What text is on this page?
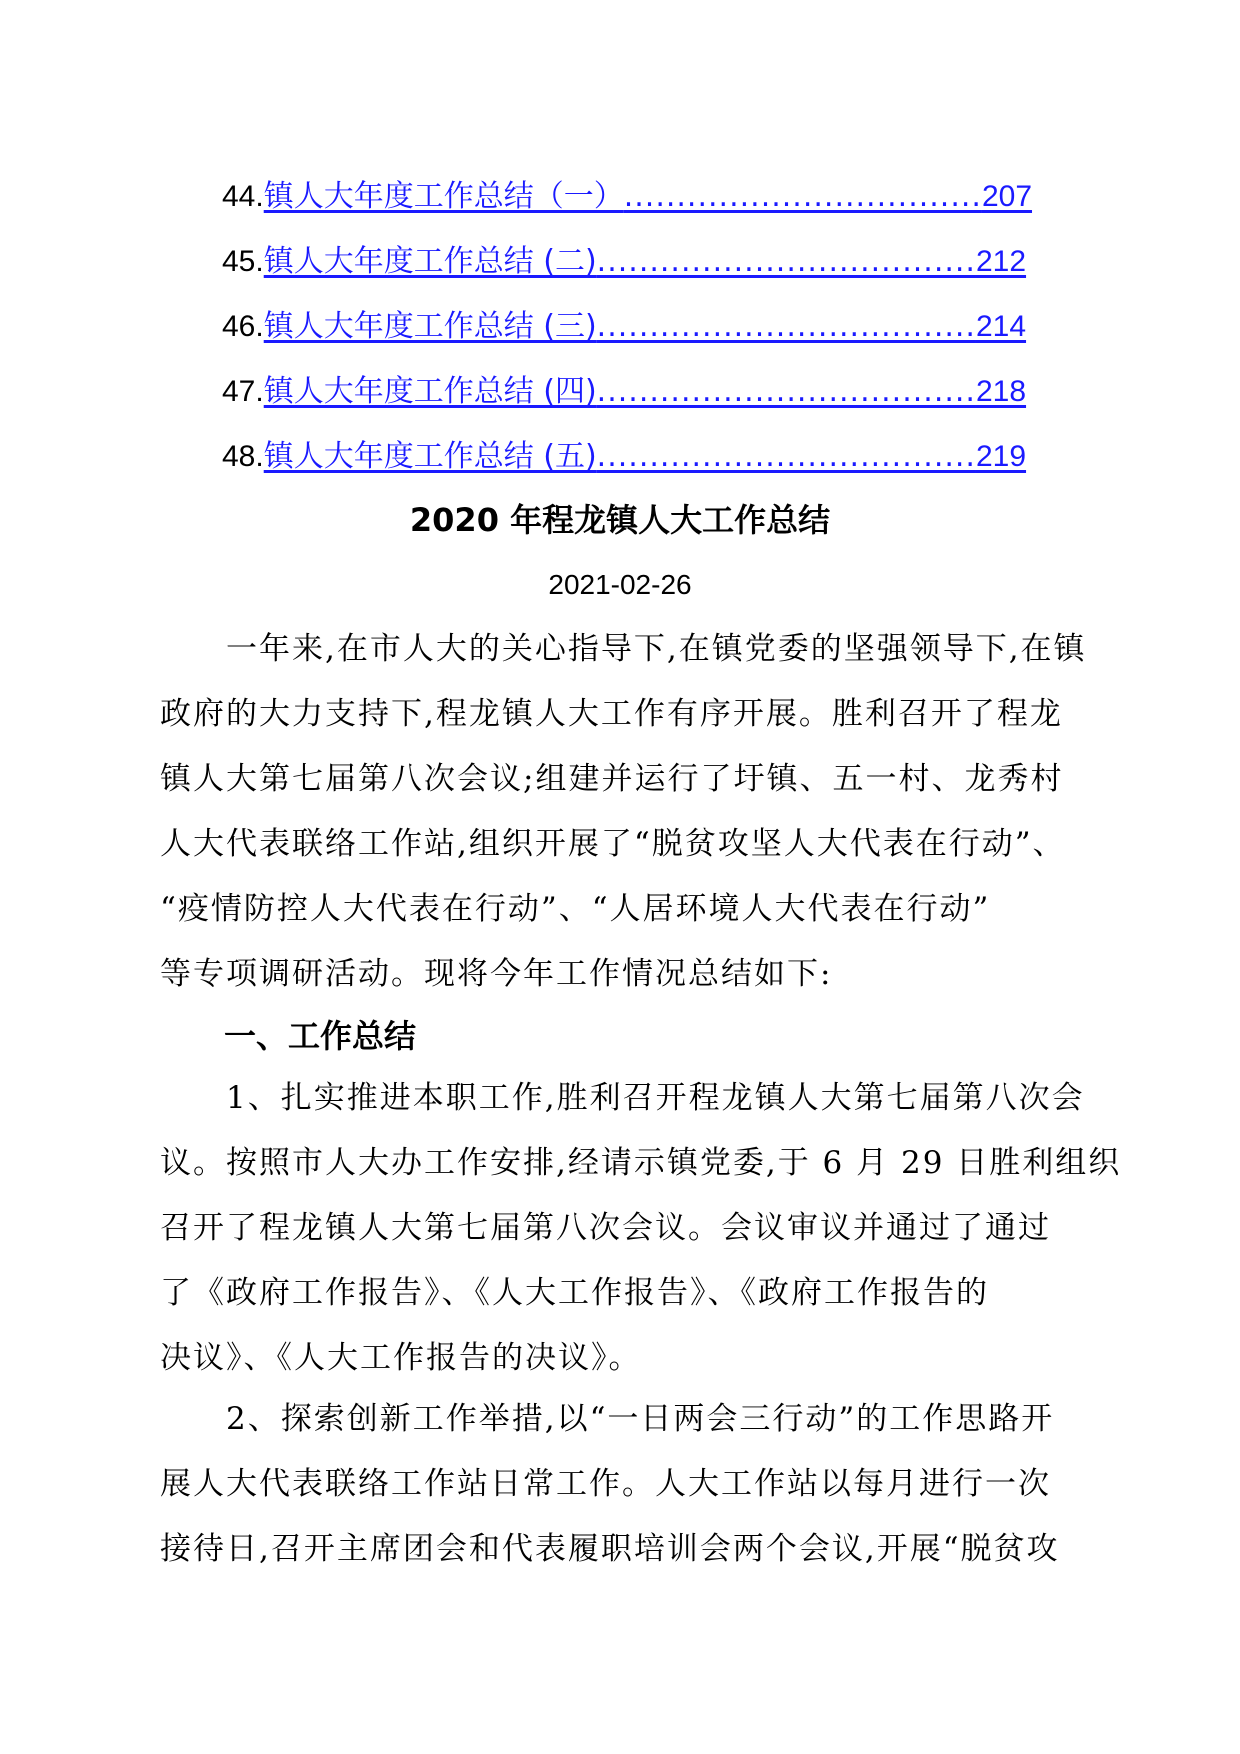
44.镇人大年度工作总结（一）..................................207
45.镇人大年度工作总结 (二)....................................212
46.镇人大年度工作总结 (三)....................................214
47.镇人大年度工作总结 (四)....................................218
48.镇人大年度工作总结 (五)....................................219
2020 年程龙镇人大工作总结
2021-02-26
　　一年来,在市人大的关心指导下,在镇党委的坚强领导下,在镇
政府的大力支持下,程龙镇人大工作有序开展。胜利召开了程龙
镇人大第七届第八次会议;组建并运行了圩镇、五一村、龙秀村
人大代表联络工作站,组织开展了“脱贫攻坚人大代表在行动”、
“疫情防控人大代表在行动”、“人居环境人大代表在行动”
等专项调研活动。现将今年工作情况总结如下:
一、工作总结
　　1、扎实推进本职工作,胜利召开程龙镇人大第七届第八次会
议。按照市人大办工作安排,经请示镇党委,于 6 月 29 日胜利组织
召开了程龙镇人大第七届第八次会议。会议审议并通过了通过
了《政府工作报告》、《人大工作报告》、《政府工作报告的
决议》、《人大工作报告的决议》。
　　2、探索创新工作举措,以“一日两会三行动”的工作思路开
展人大代表联络工作站日常工作。人大工作站以每月进行一次
接待日,召开主席团会和代表履职培训会两个会议,开展“脱贫攻
